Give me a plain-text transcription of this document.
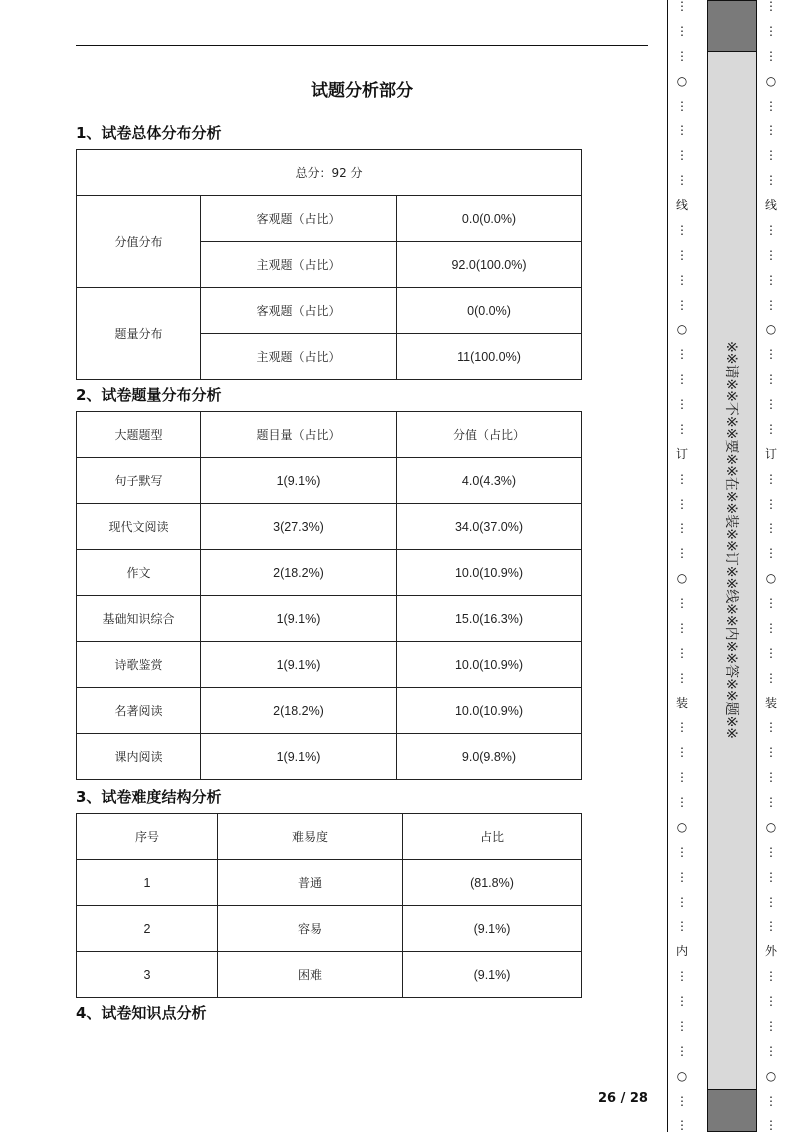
试题分析部分
1、试卷总体分布分析
总分：92 分		
分值分布	客观题（占比）	0.0(0.0%)
	主观题（占比）	92.0(100.0%)
题量分布	客观题（占比）	0(0.0%)
	主观题（占比）	11(100.0%)
2、试卷题量分布分析
大题题型	题目量（占比）	分值（占比）
句子默写	1(9.1%)	4.0(4.3%)
现代文阅读	3(27.3%)	34.0(37.0%)
作文	2(18.2%)	10.0(10.9%)
基础知识综合	1(9.1%)	15.0(16.3%)
诗歌鉴赏	1(9.1%)	10.0(10.9%)
名著阅读	2(18.2%)	10.0(10.9%)
课内阅读	1(9.1%)	9.0(9.8%)
3、试卷难度结构分析
序号	难易度	占比
1	普通	(81.8%)
2	容易	(9.1%)
3	困难	(9.1%)
4、试卷知识点分析
26 / 28
⋮
⋮
⋮
○
⋮
⋮
⋮
⋮
线
⋮
⋮
⋮
⋮
○
⋮
⋮
⋮
⋮
订
⋮
⋮
⋮
⋮
○
⋮
⋮
⋮
⋮
装
⋮
⋮
⋮
⋮
○
⋮
⋮
⋮
⋮
内
⋮
⋮
⋮
⋮
○
⋮
⋮
※※请※※不※※要※※在※※装※※订※※线※※内※※答※※题※※
⋮
⋮
⋮
○
⋮
⋮
⋮
⋮
线
⋮
⋮
⋮
⋮
○
⋮
⋮
⋮
⋮
订
⋮
⋮
⋮
⋮
○
⋮
⋮
⋮
⋮
装
⋮
⋮
⋮
⋮
○
⋮
⋮
⋮
⋮
外
⋮
⋮
⋮
⋮
○
⋮
⋮
